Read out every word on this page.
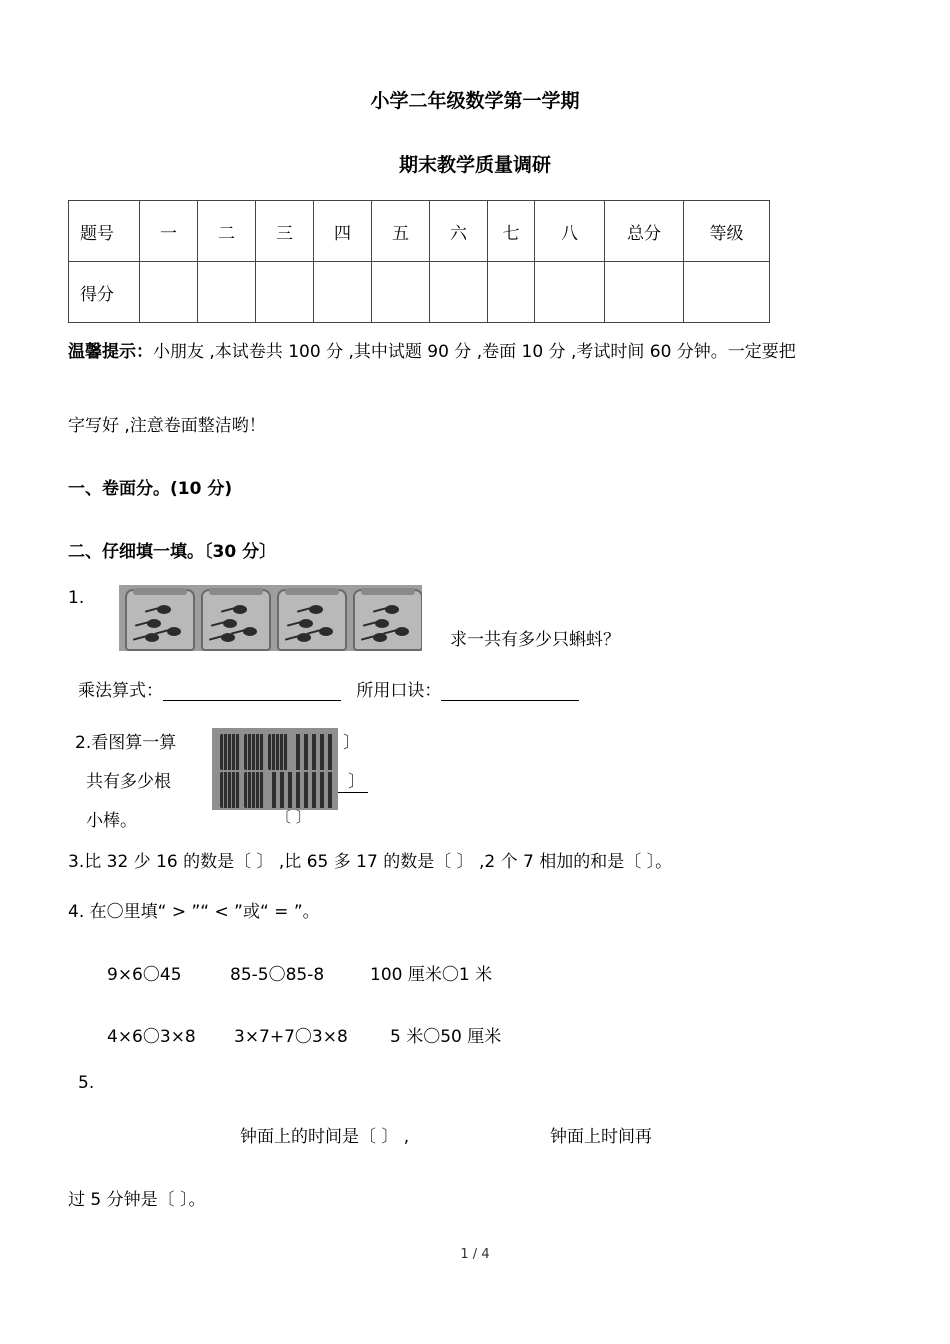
小学二年级数学第一学期
期末教学质量调研
题号	一	二	三	四	五	六	七	八	总分	等级
得分										
温馨提示：小朋友 ,本试卷共 100 分 ,其中试题 90 分 ,卷面 10 分 ,考试时间 60 分钟。一定要把
字写好 ,注意卷面整洁哟！
一、卷面分。(10 分)
二、仔细填一填。〔30 分〕
1.
求一共有多少只蝌蚪？
乘法算式：	所用口诀：
2.看图算一算
共有多少根
小棒。
〕
〕
〔 〕
3.比 32 少 16 的数是〔 〕 ,比 65 多 17 的数是〔 〕 ,2 个 7 相加的和是〔 〕。
4. 在〇里填“ > ”“ < ”或“ = ”。
9×6〇45	85-5〇85-8	100 厘米〇1 米
4×6〇3×8 3×7+7〇3×8 5 米〇50 厘米
5.
钟面上的时间是〔 〕 ,	钟面上时间再
过 5 分钟是〔 〕。
1 / 4
